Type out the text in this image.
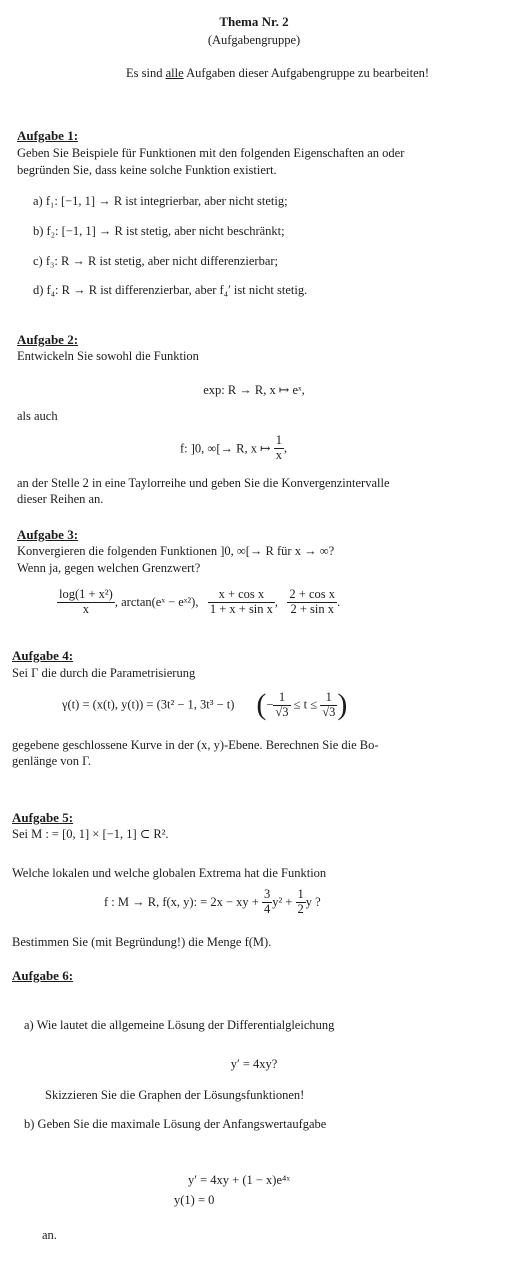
Thema Nr. 2
(Aufgabengruppe)
Es sind alle Aufgaben dieser Aufgabengruppe zu bearbeiten!
Aufgabe 1:
Geben Sie Beispiele für Funktionen mit den folgenden Eigenschaften an oder
begründen Sie, dass keine solche Funktion existiert.
a) f₁: [−1, 1] → R ist integrierbar, aber nicht stetig;
b) f₂: [−1, 1] → R ist stetig, aber nicht beschränkt;
c) f₃: R → R ist stetig, aber nicht differenzierbar;
d) f₄: R → R ist differenzierbar, aber f₄′ ist nicht stetig.
Aufgabe 2:
Entwickeln Sie sowohl die Funktion
exp: R → R, x ↦ eˣ,
als auch
f: ]0, ∞[→ R, x ↦ $\frac{1}{x}$ ,
an der Stelle 2 in eine Taylorreihe und geben Sie die Konvergenzintervalle
dieser Reihen an.
Aufgabe 3:
Konvergieren die folgenden Funktionen ]0, ∞[→ R für x → ∞?
Wenn ja, gegen welchen Grenzwert?
$\frac{\text{log(1 + x²)}}{x}$ , arctan(eˣ − eˣ²), $\frac{\text{x + cos x}}{\text{1 + x + sin x}}$ , $\frac{\text{2 + cos x}}{\text{2 + sin x}}$ .
Aufgabe 4:
Sei Γ die durch die Parametrisierung
γ(t) = (x(t), y(t)) = (3t² − 1, 3t³ − t) (− $\frac{1}{√3} \le t \le \frac{1}{√3}$ )
gegebene geschlossene Kurve in der (x, y)-Ebene. Berechnen Sie die Bo-
genlänge von Γ.
Aufgabe 5:
Sei M : = [0, 1] × [−1, 1] ⊂ R².
Welche lokalen und welche globalen Extrema hat die Funktion
f : M → R, f(x, y): = 2x − xy + $\frac{3}{4} y^2 + \frac{1}{2}$ y ?
Bestimmen Sie (mit Begründung!) die Menge f(M).
Aufgabe 6:
a) Wie lautet die allgemeine Lösung der Differentialgleichung
y′ = 4xy?
Skizzieren Sie die Graphen der Lösungsfunktionen!
b) Geben Sie die maximale Lösung der Anfangswertaufgabe
y′ = 4xy + (1 − x)e⁴ˣ
y(1) = 0
an.
